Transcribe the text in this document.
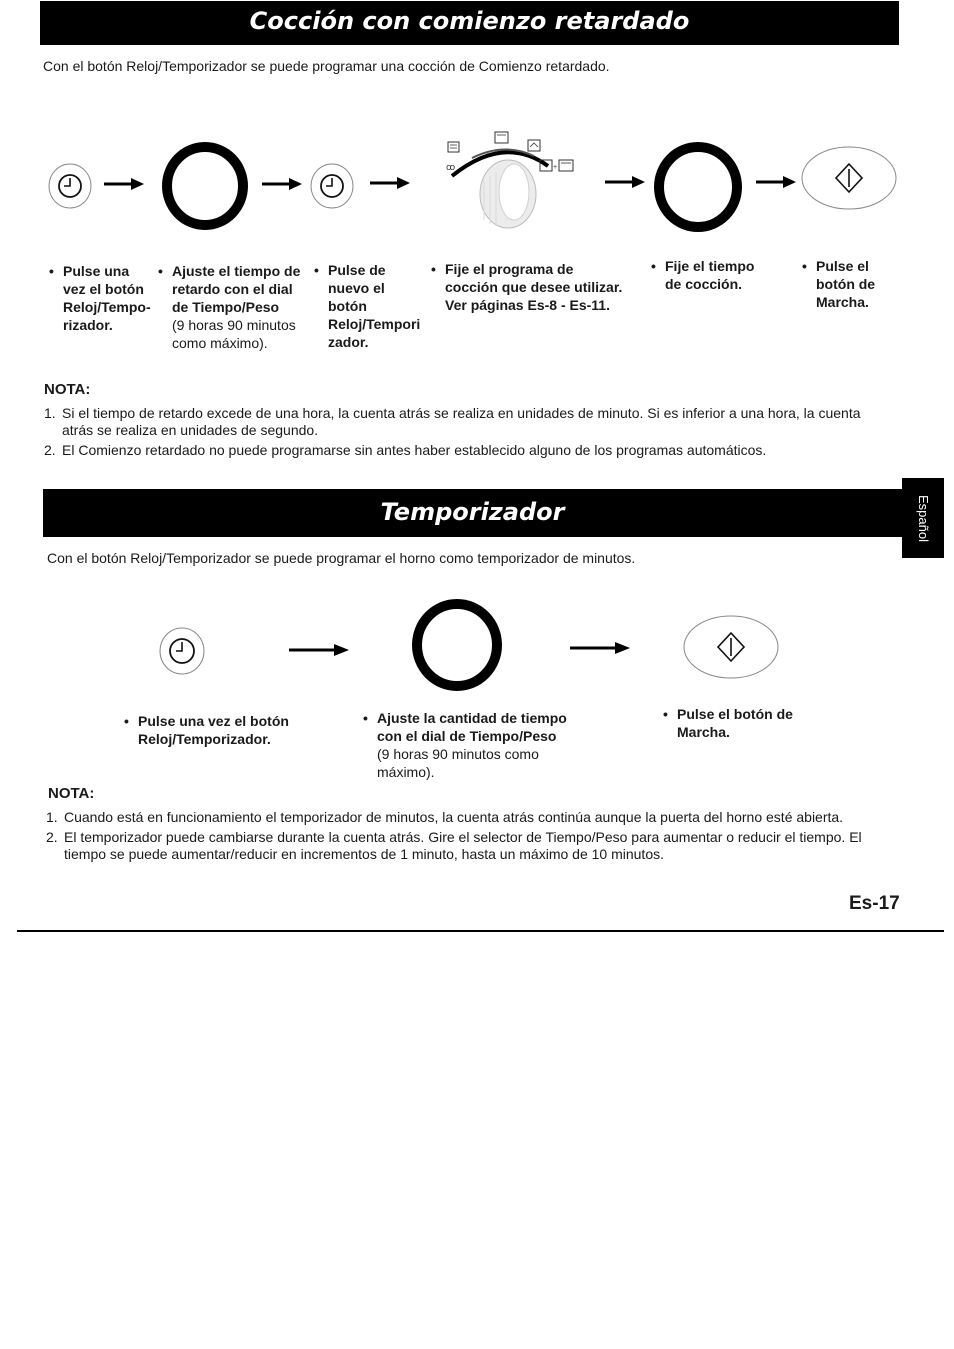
Cocción con comienzo retardado

Con el botón Reloj/Temporizador se puede programar una cocción de Comienzo retardado.

ꝏ	+
• Pulse una
vez el botón
Reloj/Tempo-
rizador.
• Ajuste el tiempo de
retardo con el dial
de Tiempo/Peso
(9 horas 90 minutos
como máximo).
• Pulse de
nuevo el
botón
Reloj/Tempori
zador.
• Fije el programa de
cocción que desee utilizar.
Ver páginas Es-8 - Es-11.
• Fije el tiempo
de cocción.
• Pulse el
botón de
Marcha.
NOTA:
1. Si el tiempo de retardo excede de una hora, la cuenta atrás se realiza en unidades de minuto. Si es inferior a una hora, la cuenta atrás se realiza en unidades de segundo.
2. El Comienzo retardado no puede programarse sin antes haber establecido alguno de los programas automáticos.
Español
Temporizador

Con el botón Reloj/Temporizador se puede programar el horno como temporizador de minutos.

• Pulse una vez el botón
Reloj/Temporizador.
• Ajuste la cantidad de tiempo
con el dial de Tiempo/Peso
(9 horas 90 minutos como
máximo).
• Pulse el botón de
Marcha.
NOTA:
1. Cuando está en funcionamiento el temporizador de minutos, la cuenta atrás continúa aunque la puerta del horno esté abierta.
2. El temporizador puede cambiarse durante la cuenta atrás. Gire el selector de Tiempo/Peso para aumentar o reducir el tiempo. El tiempo se puede aumentar/reducir en incrementos de 1 minuto, hasta un máximo de 10 minutos.
Es-17
